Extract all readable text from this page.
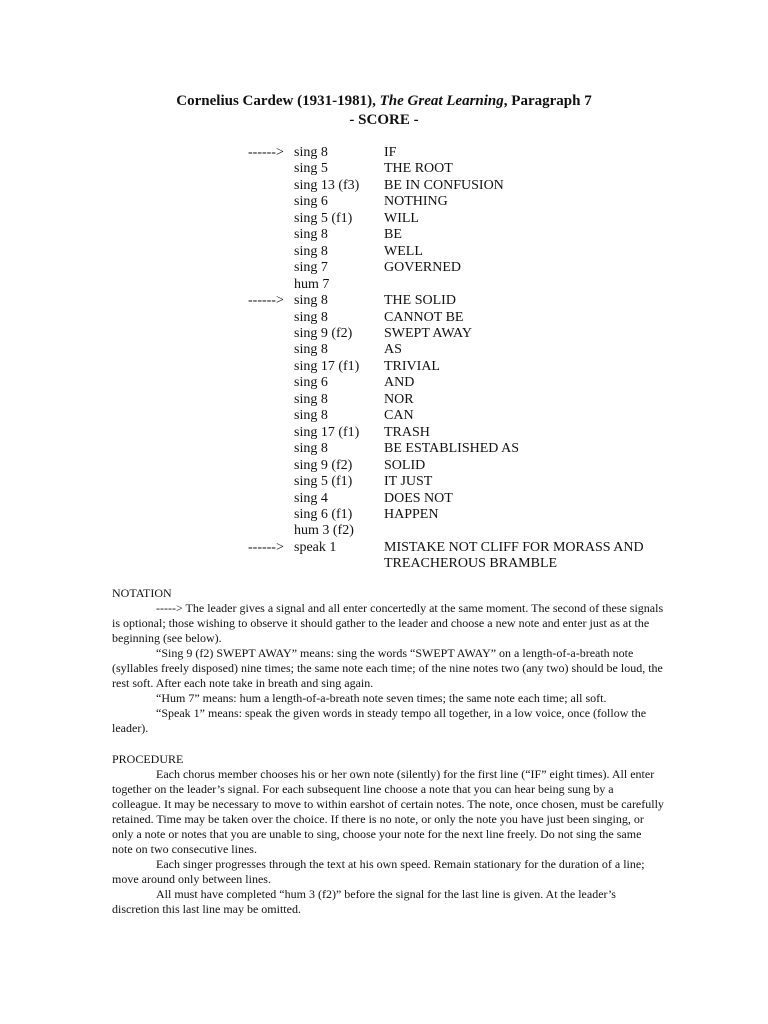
Cornelius Cardew (1931-1981), The Great Learning, Paragraph 7
- SCORE -
------> sing 8	IF
sing 5	THE ROOT
sing 13 (f3)	BE IN CONFUSION
sing 6	NOTHING
sing 5 (f1)	WILL
sing 8	BE
sing 8	WELL
sing 7	GOVERNED
hum 7
------> sing 8	THE SOLID
sing 8	CANNOT BE
sing 9 (f2)	SWEPT AWAY
sing 8	AS
sing 17 (f1)	TRIVIAL
sing 6	AND
sing 8	NOR
sing 8	CAN
sing 17 (f1)	TRASH
sing 8	BE ESTABLISHED AS
sing 9 (f2)	SOLID
sing 5 (f1)	IT JUST
sing 4	DOES NOT
sing 6 (f1)	HAPPEN
hum 3 (f2)
------> speak 1	MISTAKE NOT CLIFF FOR MORASS AND TREACHEROUS BRAMBLE

NOTATION

-----> The leader gives a signal and all enter concertedly at the same moment. The second of these signals is optional; those wishing to observe it should gather to the leader and choose a new note and enter just as at the beginning (see below).

“Sing 9 (f2) SWEPT AWAY” means: sing the words “SWEPT AWAY” on a length-of-a-breath note (syllables freely disposed) nine times; the same note each time; of the nine notes two (any two) should be loud, the rest soft. After each note take in breath and sing again.

“Hum 7” means: hum a length-of-a-breath note seven times; the same note each time; all soft.

“Speak 1” means: speak the given words in steady tempo all together, in a low voice, once (follow the leader).

PROCEDURE

Each chorus member chooses his or her own note (silently) for the first line (“IF” eight times). All enter together on the leader’s signal. For each subsequent line choose a note that you can hear being sung by a colleague. It may be necessary to move to within earshot of certain notes. The note, once chosen, must be carefully retained. Time may be taken over the choice. If there is no note, or only the note you have just been singing, or only a note or notes that you are unable to sing, choose your note for the next line freely. Do not sing the same note on two consecutive lines.

Each singer progresses through the text at his own speed. Remain stationary for the duration of a line; move around only between lines.

All must have completed “hum 3 (f2)” before the signal for the last line is given. At the leader’s discretion this last line may be omitted.
